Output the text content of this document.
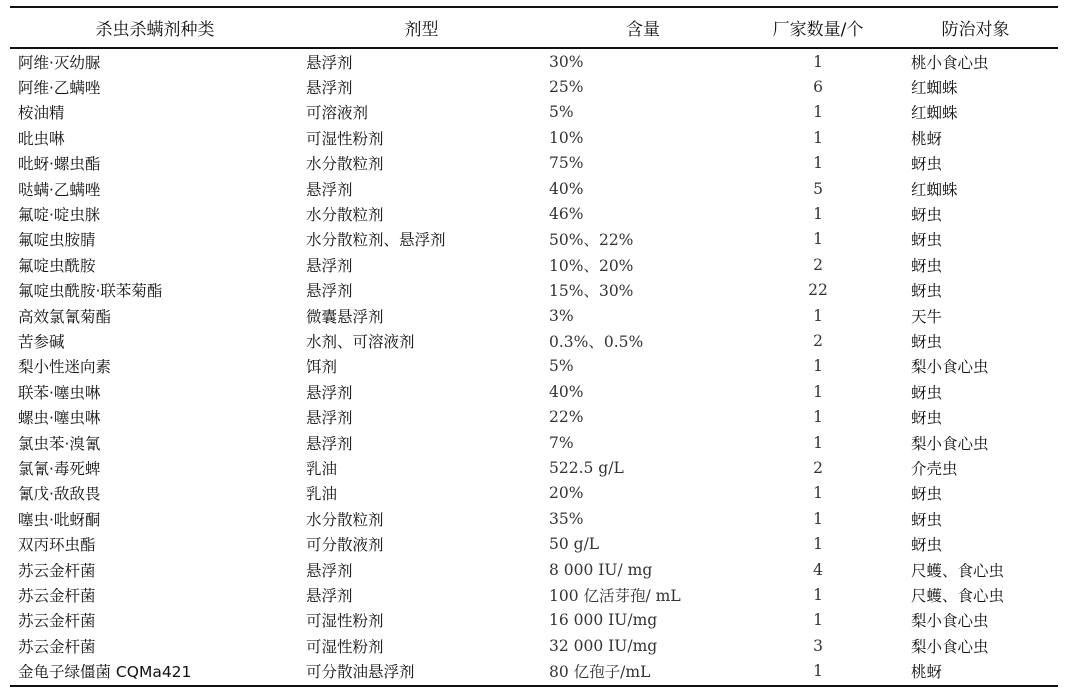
杀虫杀螨剂种类	剂型	含量	厂家数量/个	防治对象

阿维·灭幼脲	悬浮剂	30%	1	桃小食心虫
阿维·乙螨唑	悬浮剂	25%	6	红蜘蛛
桉油精	可溶液剂	5%	1	红蜘蛛
吡虫啉	可湿性粉剂	10%	1	桃蚜
吡蚜·螺虫酯	水分散粒剂	75%	1	蚜虫
哒螨·乙螨唑	悬浮剂	40%	5	红蜘蛛
氟啶·啶虫脒	水分散粒剂	46%	1	蚜虫
氟啶虫胺腈	水分散粒剂、悬浮剂	50%、22%	1	蚜虫
氟啶虫酰胺	悬浮剂	10%、20%	2	蚜虫
氟啶虫酰胺·联苯菊酯	悬浮剂	15%、30%	22	蚜虫
高效氯氰菊酯	微囊悬浮剂	3%	1	天牛
苦参碱	水剂、可溶液剂	0.3%、0.5%	2	蚜虫
梨小性迷向素	饵剂	5%	1	梨小食心虫
联苯·噻虫啉	悬浮剂	40%	1	蚜虫
螺虫·噻虫啉	悬浮剂	22%	1	蚜虫
氯虫苯·溴氰	悬浮剂	7%	1	梨小食心虫
氯氰·毒死蜱	乳油	522.5 g/L	2	介壳虫
氰戊·敌敌畏	乳油	20%	1	蚜虫
噻虫·吡蚜酮	水分散粒剂	35%	1	蚜虫
双丙环虫酯	可分散液剂	50 g/L	1	蚜虫
苏云金杆菌	悬浮剂	8 000 IU/ mg	4	尺蠖、食心虫
苏云金杆菌	悬浮剂	100 亿活芽孢/ mL	1	尺蠖、食心虫
苏云金杆菌	可湿性粉剂	16 000 IU/mg	1	梨小食心虫
苏云金杆菌	可湿性粉剂	32 000 IU/mg	3	梨小食心虫
金龟子绿僵菌 CQMa421	可分散油悬浮剂	80 亿孢子/mL	1	桃蚜
